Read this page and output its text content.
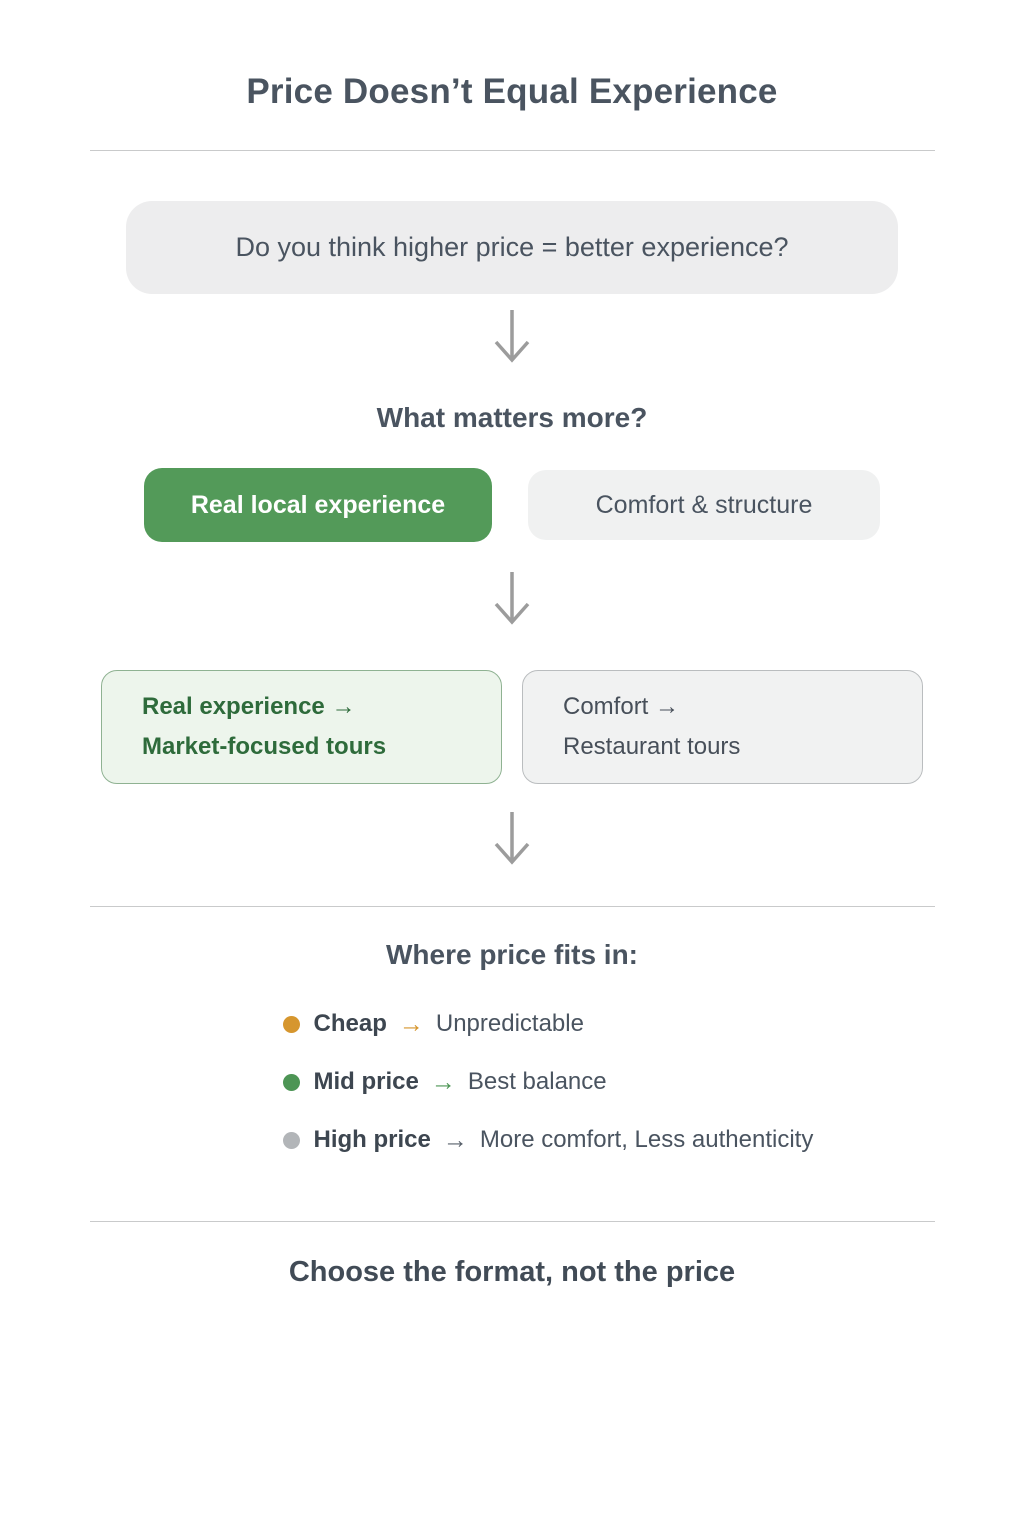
Price Doesn’t Equal Experience
Do you think higher price = better experience?
What matters more?
Real local experience	Comfort & structure
Real experience →
Market-focused tours
Comfort →
Restaurant tours
Where price fits in:
Cheap → Unpredictable
Mid price → Best balance
High price → More comfort, Less authenticity
Choose the format, not the price
